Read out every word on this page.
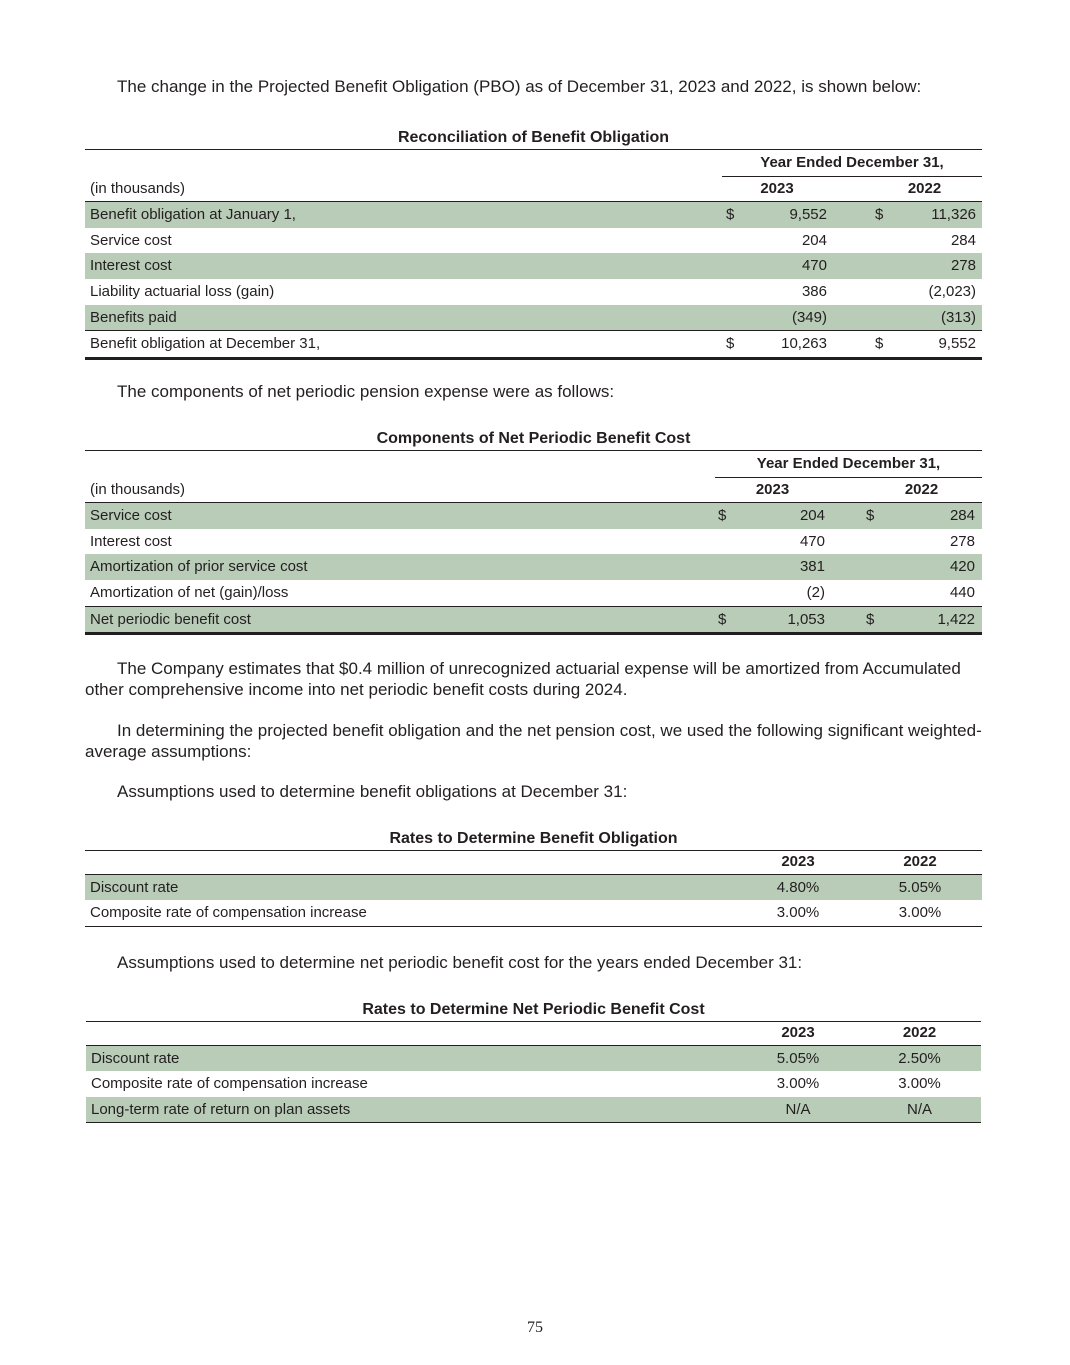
The change in the Projected Benefit Obligation (PBO) as of December 31, 2023 and 2022, is shown below:

Reconciliation of Benefit Obligation
Year Ended December 31,
(in thousands)	2023	2022
Benefit obligation at January 1,	$	9,552	$	11,326
Service cost	204	284
Interest cost	470	278
Liability actuarial loss (gain)	386	(2,023)
Benefits paid	(349)	(313)
Benefit obligation at December 31,	$	10,263	$	9,552

The components of net periodic pension expense were as follows:

Components of Net Periodic Benefit Cost
Year Ended December 31,
(in thousands)	2023	2022
Service cost	$	204	$	284
Interest cost	470	278
Amortization of prior service cost	381	420
Amortization of net (gain)/loss	(2)	440
Net periodic benefit cost	$	1,053	$	1,422

The Company estimates that $0.4 million of unrecognized actuarial expense will be amortized from Accumulated other comprehensive income into net periodic benefit costs during 2024.

In determining the projected benefit obligation and the net pension cost, we used the following significant weighted-average assumptions:

Assumptions used to determine benefit obligations at December 31:

Rates to Determine Benefit Obligation
2023	2022
Discount rate	4.80%	5.05%
Composite rate of compensation increase	3.00%	3.00%

Assumptions used to determine net periodic benefit cost for the years ended December 31:

Rates to Determine Net Periodic Benefit Cost
2023	2022
Discount rate	5.05%	2.50%
Composite rate of compensation increase	3.00%	3.00%
Long-term rate of return on plan assets	N/A	N/A
75
